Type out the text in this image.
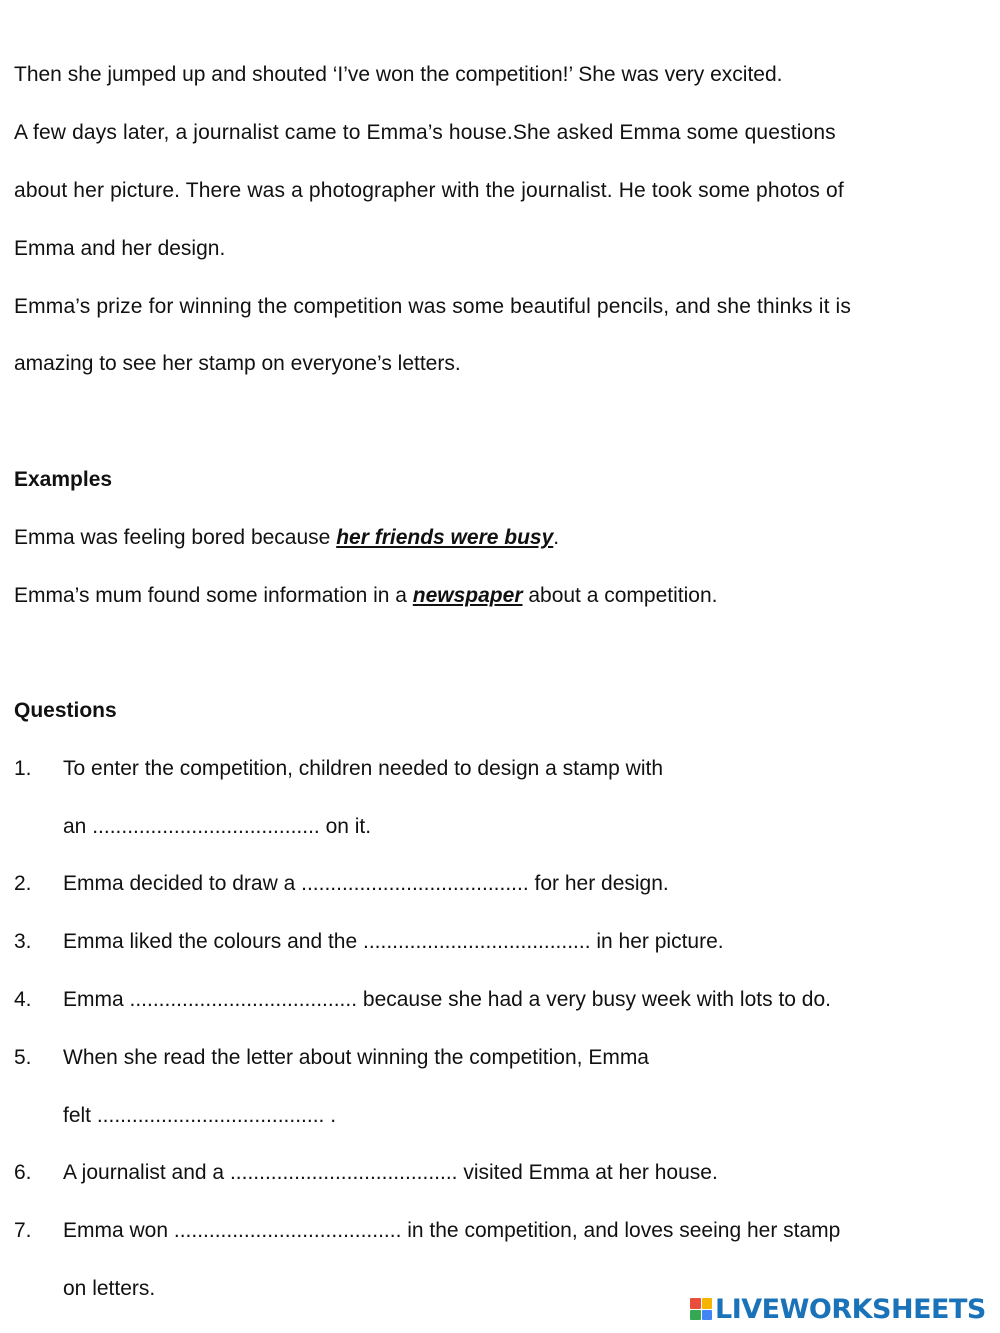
Then she jumped up and shouted ‘I’ve won the competition!’ She was very excited.
A few days later, a journalist came to Emma’s house.She asked Emma some questions
about her picture. There was a photographer with the journalist. He took some photos of
Emma and her design.
Emma’s prize for winning the competition was some beautiful pencils, and she thinks it is
amazing to see her stamp on everyone’s letters.
Examples
Emma was feeling bored because her friends were busy.
Emma’s mum found some information in a newspaper about a competition.
Questions
1. To enter the competition, children needed to design a stamp with
an ....................................... on it.
2. Emma decided to draw a ....................................... for her design.
3. Emma liked the colours and the ....................................... in her picture.
4. Emma ....................................... because she had a very busy week with lots to do.
5. When she read the letter about winning the competition, Emma
felt ....................................... .
6. A journalist and a ....................................... visited Emma at her house.
7. Emma won ....................................... in the competition, and loves seeing her stamp
on letters.
LIVEWORKSHEETS
